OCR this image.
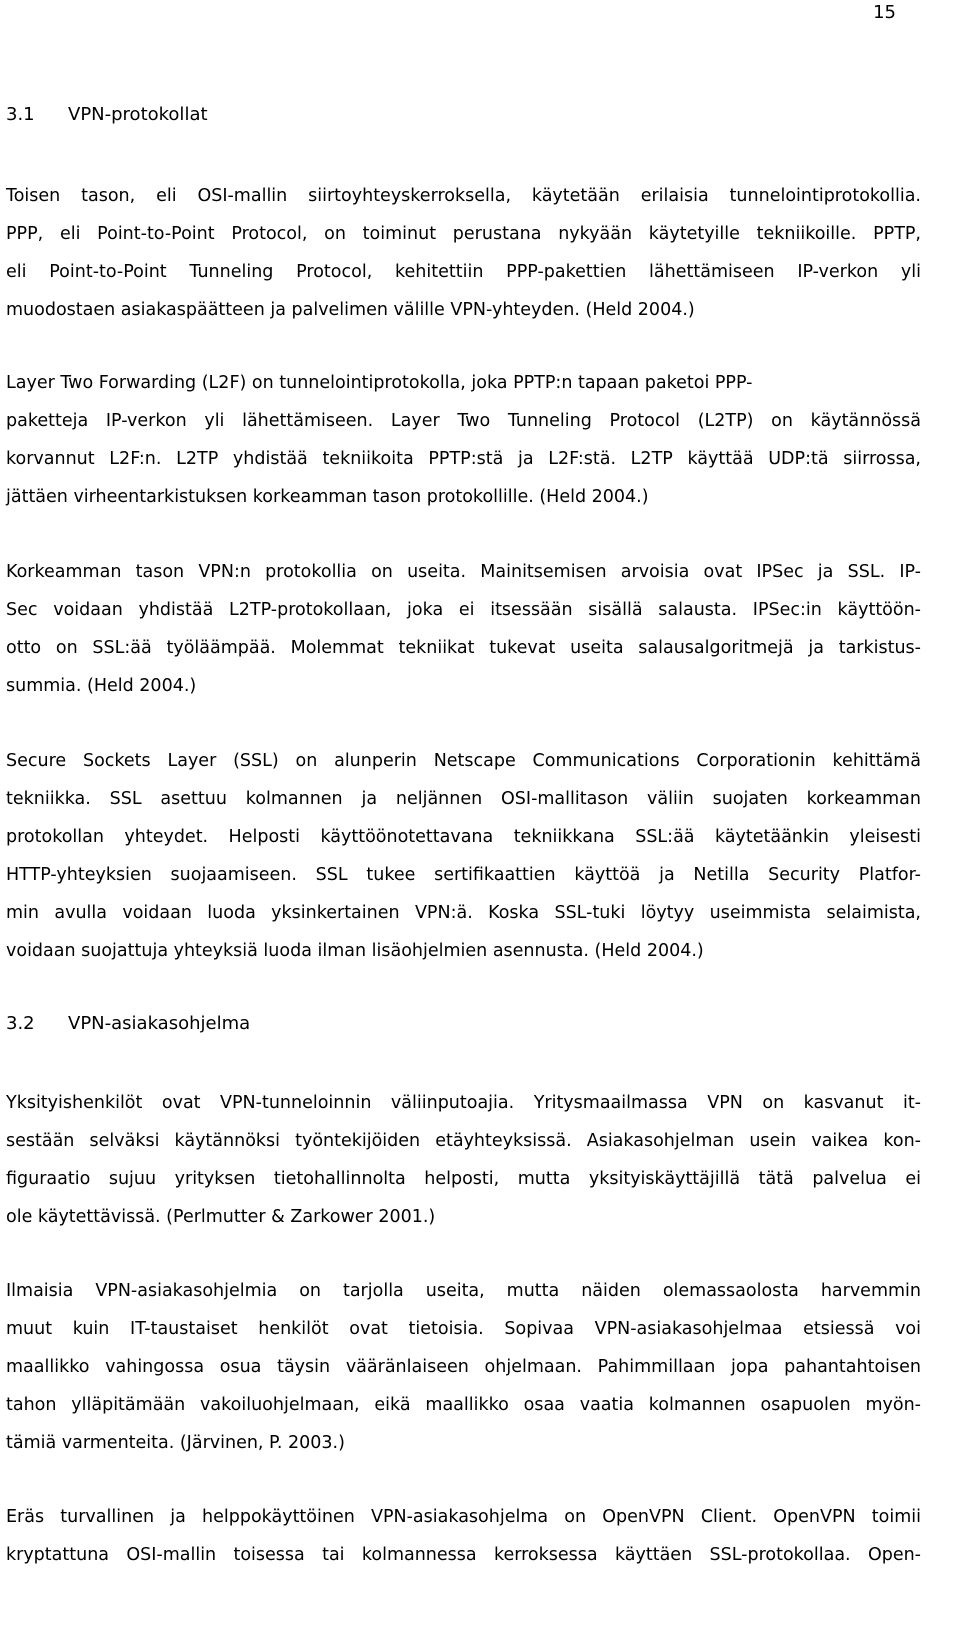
15
3.1 VPN-protokollat

Toisen tason, eli OSI-mallin siirtoyhteyskerroksella, käytetään erilaisia tunnelointiprotokollia.
PPP, eli Point-to-Point Protocol, on toiminut perustana nykyään käytetyille tekniikoille. PPTP,
eli Point-to-Point Tunneling Protocol, kehitettiin PPP-pakettien lähettämiseen IP-verkon yli
muodostaen asiakaspäätteen ja palvelimen välille VPN-yhteyden. (Held 2004.)

Layer Two Forwarding (L2F) on tunnelointiprotokolla, joka PPTP:n tapaan paketoi PPP-
paketteja IP-verkon yli lähettämiseen. Layer Two Tunneling Protocol (L2TP) on käytännössä
korvannut L2F:n. L2TP yhdistää tekniikoita PPTP:stä ja L2F:stä. L2TP käyttää UDP:tä siirrossa,
jättäen virheentarkistuksen korkeamman tason protokollille. (Held 2004.)

Korkeamman tason VPN:n protokollia on useita. Mainitsemisen arvoisia ovat IPSec ja SSL. IP-
Sec voidaan yhdistää L2TP-protokollaan, joka ei itsessään sisällä salausta. IPSec:in käyttöön-
otto on SSL:ää työläämpää. Molemmat tekniikat tukevat useita salausalgoritmejä ja tarkistus-
summia. (Held 2004.)

Secure Sockets Layer (SSL) on alunperin Netscape Communications Corporationin kehittämä
tekniikka. SSL asettuu kolmannen ja neljännen OSI-mallitason väliin suojaten korkeamman
protokollan yhteydet. Helposti käyttöönotettavana tekniikkana SSL:ää käytetäänkin yleisesti
HTTP-yhteyksien suojaamiseen. SSL tukee sertifikaattien käyttöä ja Netilla Security Platfor-
min avulla voidaan luoda yksinkertainen VPN:ä. Koska SSL-tuki löytyy useimmista selaimista,
voidaan suojattuja yhteyksiä luoda ilman lisäohjelmien asennusta. (Held 2004.)

3.2 VPN-asiakasohjelma

Yksityishenkilöt ovat VPN-tunneloinnin väliinputoajia. Yritysmaailmassa VPN on kasvanut it-
sestään selväksi käytännöksi työntekijöiden etäyhteyksissä. Asiakasohjelman usein vaikea kon-
figuraatio sujuu yrityksen tietohallinnolta helposti, mutta yksityiskäyttäjillä tätä palvelua ei
ole käytettävissä. (Perlmutter & Zarkower 2001.)

Ilmaisia VPN-asiakasohjelmia on tarjolla useita, mutta näiden olemassaolosta harvemmin
muut kuin IT-taustaiset henkilöt ovat tietoisia. Sopivaa VPN-asiakasohjelmaa etsiessä voi
maallikko vahingossa osua täysin vääränlaiseen ohjelmaan. Pahimmillaan jopa pahantahtoisen
tahon ylläpitämään vakoiluohjelmaan, eikä maallikko osaa vaatia kolmannen osapuolen myön-
tämiä varmenteita. (Järvinen, P. 2003.)

Eräs turvallinen ja helppokäyttöinen VPN-asiakasohjelma on OpenVPN Client. OpenVPN toimii
kryptattuna OSI-mallin toisessa tai kolmannessa kerroksessa käyttäen SSL-protokollaa. Open-
